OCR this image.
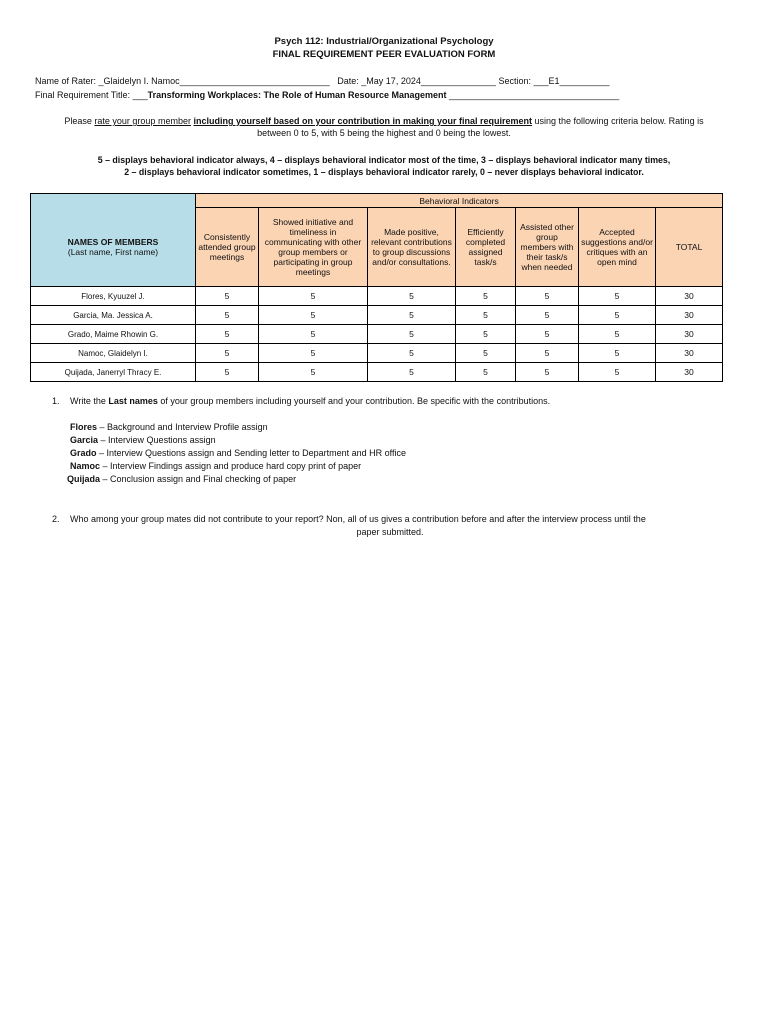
Psych 112: Industrial/Organizational Psychology
FINAL REQUIREMENT PEER EVALUATION FORM
Name of Rater: _Glaidelyn I. Namoc______________________________ Date: _May 17, 2024_______________ Section: ___E1__________
Final Requirement Title: ___Transforming Workplaces: The Role of Human Resource Management __________________________________
Please rate your group member including yourself based on your contribution in making your final requirement using the following criteria below. Rating is
between 0 to 5, with 5 being the highest and 0 being the lowest.
5 – displays behavioral indicator always, 4 – displays behavioral indicator most of the time, 3 – displays behavioral indicator many times,
2 – displays behavioral indicator sometimes, 1 – displays behavioral indicator rarely, 0 – never displays behavioral indicator.
	Behavioral Indicators						

NAMES OF MEMBERS
(Last name, First name)	Consistently attended group meetings	Showed initiative and timeliness in communicating with other group members or participating in group meetings	Made positive, relevant contributions to group discussions and/or consultations.	Efficiently completed assigned task/s	Assisted other group members with their task/s when needed	Accepted suggestions and/or critiques with an open mind	TOTAL
Flores, Kyuuzel J.	5	5	5	5	5	5	30
Garcia, Ma. Jessica A.	5	5	5	5	5	5	30
Grado, Maime Rhowin G.	5	5	5	5	5	5	30
Namoc, Glaidelyn I.	5	5	5	5	5	5	30
Quijada, Janerryl Thracy E.	5	5	5	5	5	5	30
1. Write the Last names of your group members including yourself and your contribution. Be specific with the contributions.
Flores – Background and Interview Profile assign
Garcia – Interview Questions assign
Grado – Interview Questions assign and Sending letter to Department and HR office
Namoc – Interview Findings assign and produce hard copy print of paper
Quijada – Conclusion assign and Final checking of paper
2. Who among your group mates did not contribute to your report? Non, all of us gives a contribution before and after the interview process until the
paper submitted.
